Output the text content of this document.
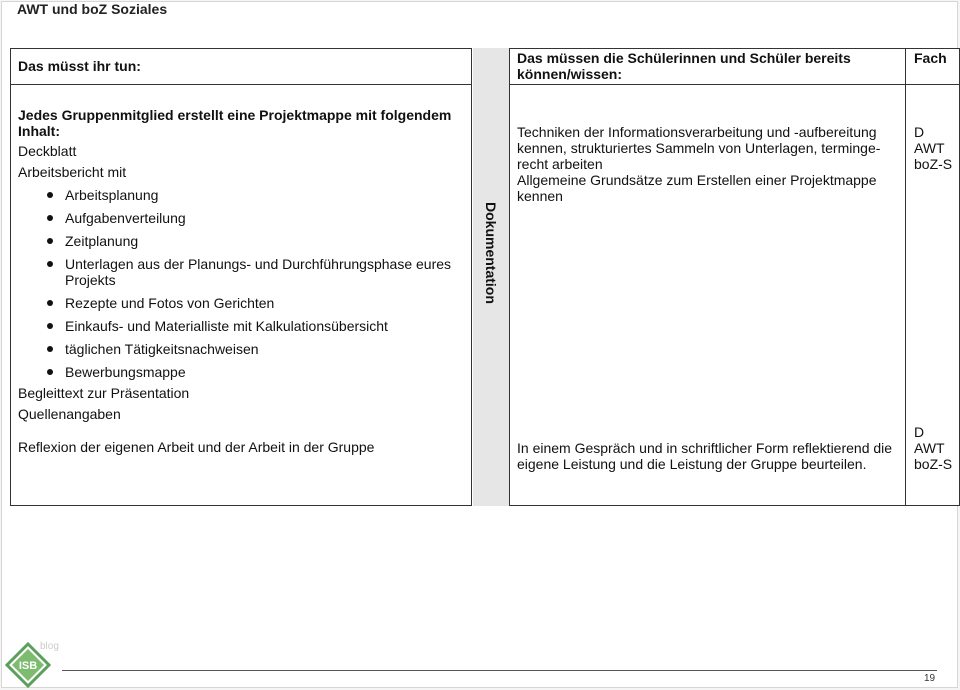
AWT und boZ Soziales
Das müsst ihr tun:	Das müssen die Schülerinnen und Schüler bereits
können/wissen:
Fach
Dokumentation
Jedes Gruppenmitglied erstellt eine Projektmappe mit folgendem
Inhalt:
Deckblatt
Arbeitsbericht mit
Arbeitsplanung
Aufgabenverteilung
Zeitplanung
Unterlagen aus der Planungs- und Durchführungsphase eures
Projekts
Rezepte und Fotos von Gerichten
Einkaufs- und Materialliste mit Kalkulationsübersicht
täglichen Tätigkeitsnachweisen
Bewerbungsmappe
Begleittext zur Präsentation
Quellenangaben
Reflexion der eigenen Arbeit und der Arbeit in der Gruppe
Techniken der Informationsverarbeitung und -aufbereitung
kennen, strukturiertes Sammeln von Unterlagen, terminge-
recht arbeiten
Allgemeine Grundsätze zum Erstellen einer Projektmappe
kennen
In einem Gespräch und in schriftlicher Form reflektierend die
eigene Leistung und die Leistung der Gruppe beurteilen.
D
AWT
boZ-S
D
AWT
boZ-S
19
blog
ISB
